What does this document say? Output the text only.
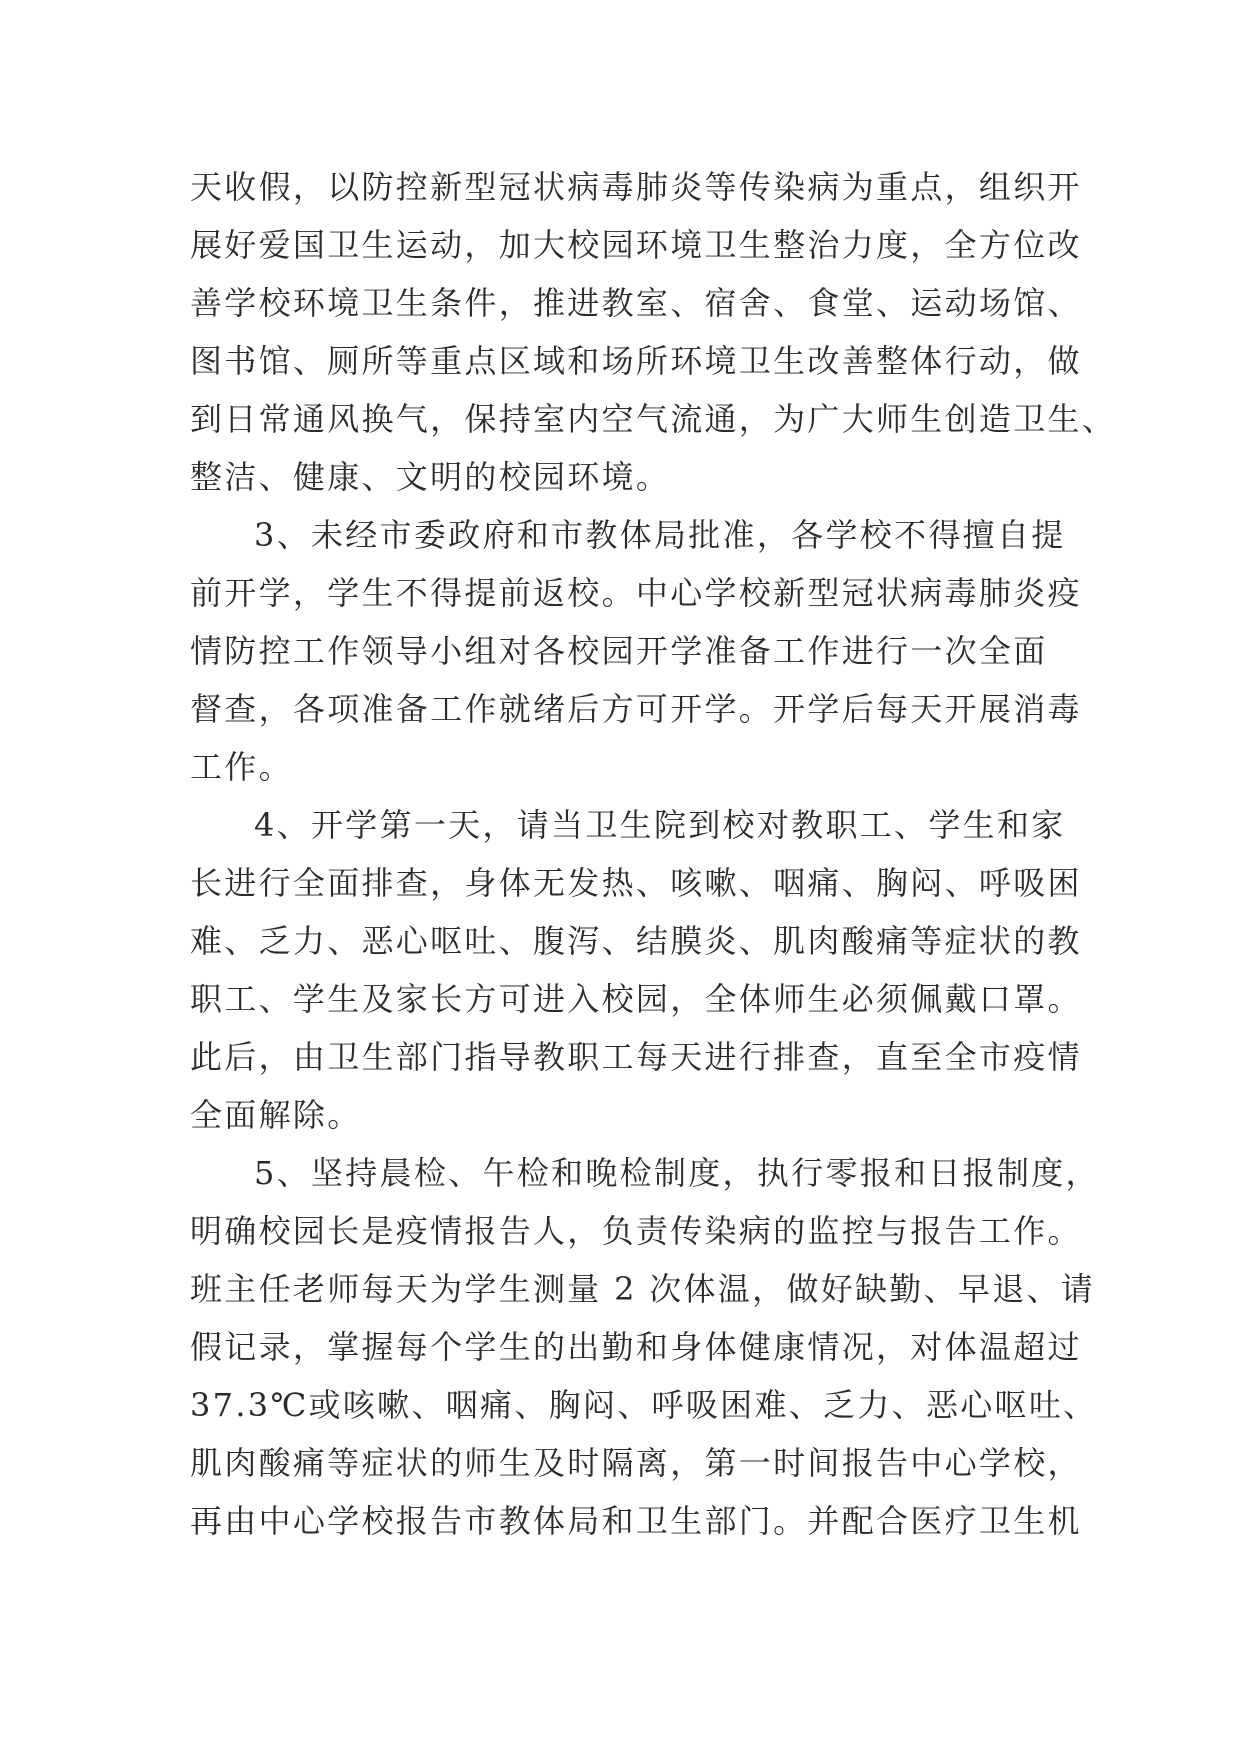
天收假，以防控新型冠状病毒肺炎等传染病为重点，组织开
展好爱国卫生运动，加大校园环境卫生整治力度，全方位改
善学校环境卫生条件，推进教室、宿舍、食堂、运动场馆、
图书馆、厕所等重点区域和场所环境卫生改善整体行动，做
到日常通风换气，保持室内空气流通，为广大师生创造卫生、
整洁、健康、文明的校园环境。
3、未经市委政府和市教体局批准，各学校不得擅自提
前开学，学生不得提前返校。中心学校新型冠状病毒肺炎疫
情防控工作领导小组对各校园开学准备工作进行一次全面
督查，各项准备工作就绪后方可开学。开学后每天开展消毒
工作。
4、开学第一天，请当卫生院到校对教职工、学生和家
长进行全面排查，身体无发热、咳嗽、咽痛、胸闷、呼吸困
难、乏力、恶心呕吐、腹泻、结膜炎、肌肉酸痛等症状的教
职工、学生及家长方可进入校园，全体师生必须佩戴口罩。
此后，由卫生部门指导教职工每天进行排查，直至全市疫情
全面解除。
5、坚持晨检、午检和晚检制度，执行零报和日报制度，
明确校园长是疫情报告人，负责传染病的监控与报告工作。
班主任老师每天为学生测量 2 次体温，做好缺勤、早退、请
假记录，掌握每个学生的出勤和身体健康情况，对体温超过
37.3℃或咳嗽、咽痛、胸闷、呼吸困难、乏力、恶心呕吐、
肌肉酸痛等症状的师生及时隔离，第一时间报告中心学校，
再由中心学校报告市教体局和卫生部门。并配合医疗卫生机
